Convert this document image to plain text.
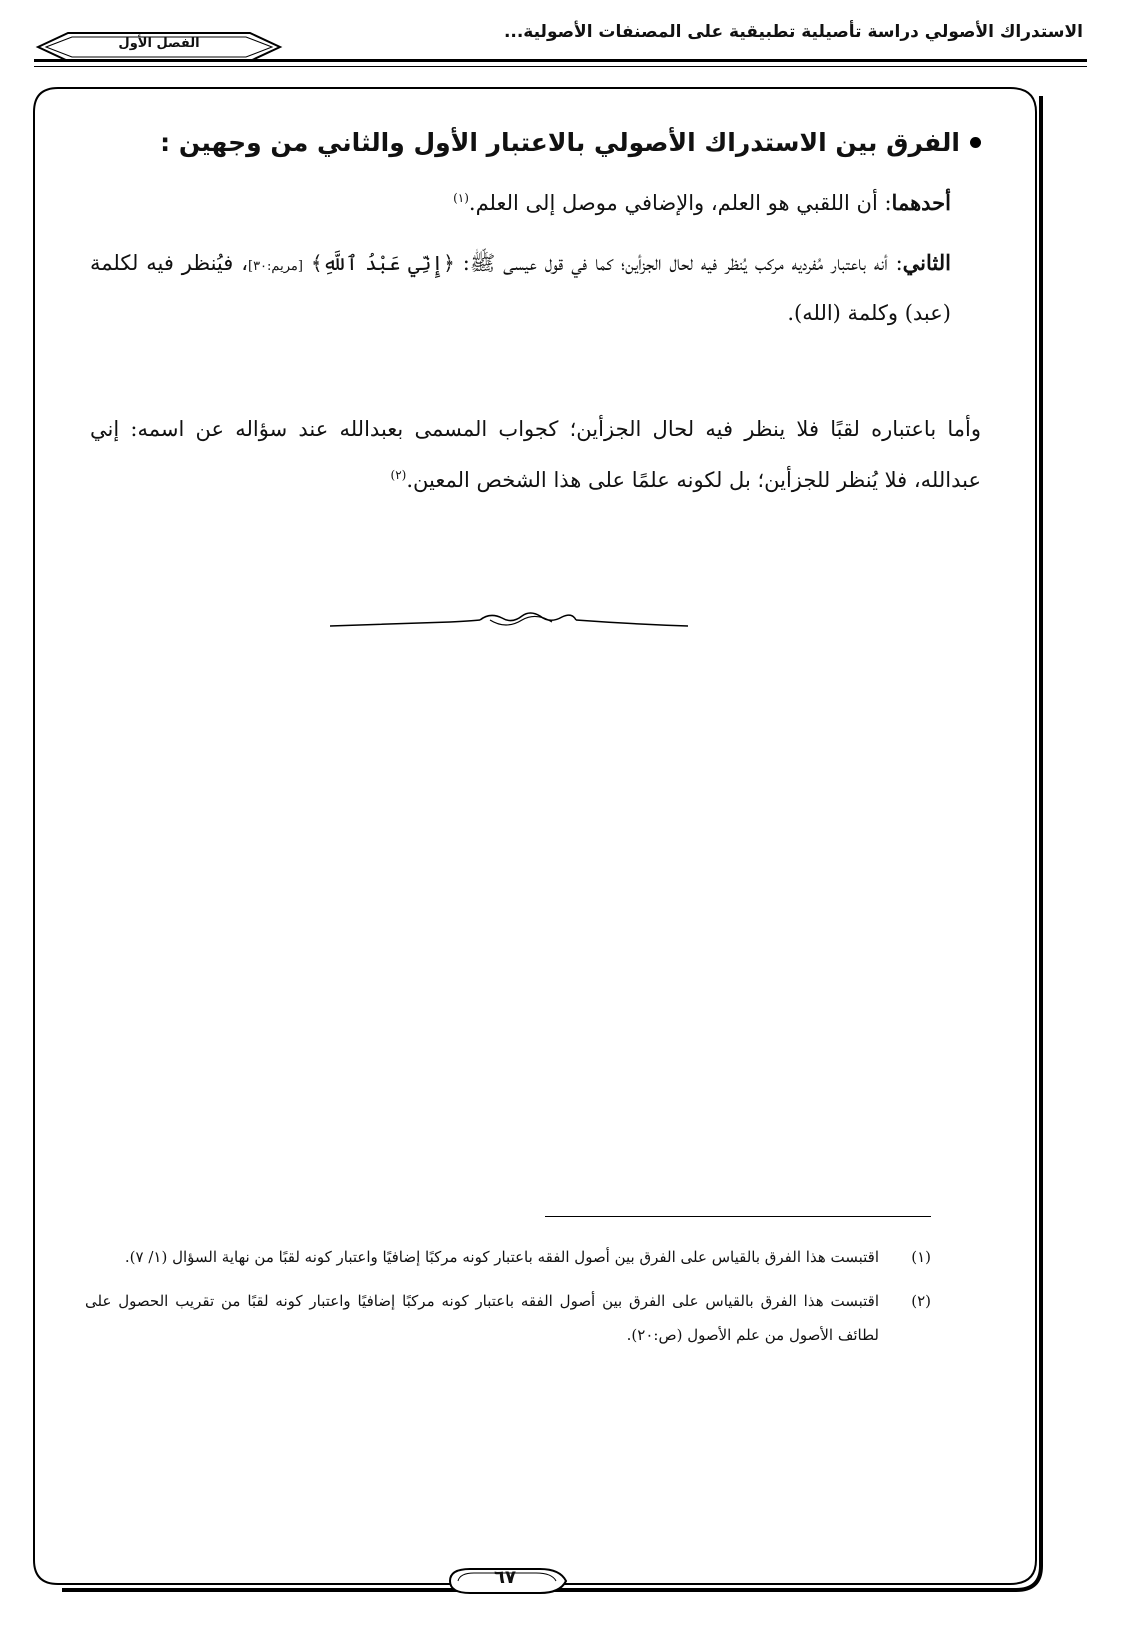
الاستدراك الأصولي دراسة تأصيلية تطبيقية على المصنفات الأصولية...
الفصل الأول
الفرق بين الاستدراك الأصولي بالاعتبار الأول والثاني من وجهين :

أحدهما: أن اللقبي هو العلم، والإضافي موصل إلى العلم.$^{(١)}$

الثاني: أنه باعتبار مُفرديه مركب يُنظر فيه لحال الجزأين؛ كما في قول عيسى ﷺ: ﴿إِنِّي عَبْدُ ٱللَّهِ﴾ [مريم:٣٠]، فيُنظر فيه لكلمة (عبد) وكلمة (الله).

وأما باعتباره لقبًا فلا ينظر فيه لحال الجزأين؛ كجواب المسمى بعبدالله عند سؤاله عن اسمه: إني عبدالله، فلا يُنظر للجزأين؛ بل لكونه علمًا على هذا الشخص المعين.$^{(٢)}$

(١)
اقتبست هذا الفرق بالقياس على الفرق بين أصول الفقه باعتبار كونه مركبًا إضافيًا واعتبار كونه لقبًا من نهاية السؤال (١/ ٧).
(٢)
اقتبست هذا الفرق بالقياس على الفرق بين أصول الفقه باعتبار كونه مركبًا إضافيًا واعتبار كونه لقبًا من تقريب الحصول على لطائف الأصول من علم الأصول (ص:٢٠).
٦٧
